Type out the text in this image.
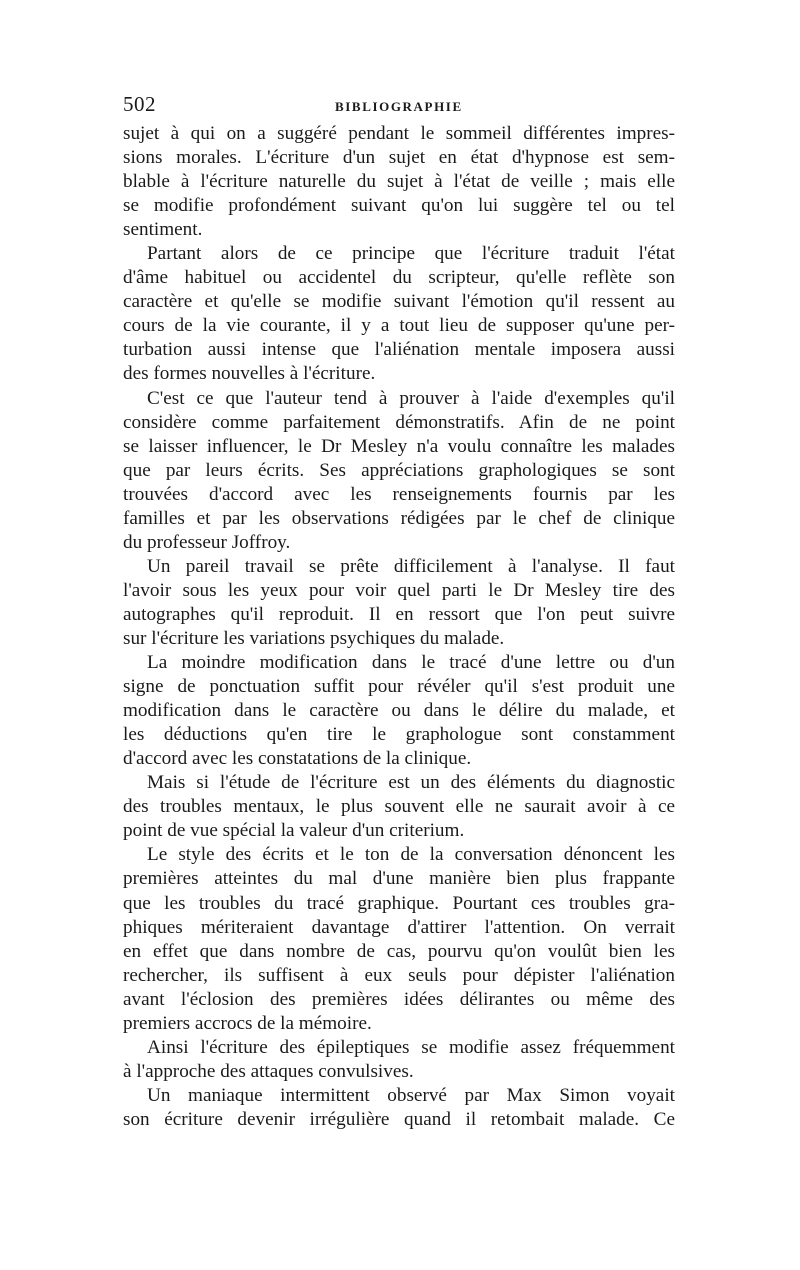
502	BIBLIOGRAPHIE
sujet à qui on a suggéré pendant le sommeil différentes impres-
sions morales. L'écriture d'un sujet en état d'hypnose est sem-
blable à l'écriture naturelle du sujet à l'état de veille ; mais elle
se modifie profondément suivant qu'on lui suggère tel ou tel
sentiment.
Partant alors de ce principe que l'écriture traduit l'état
d'âme habituel ou accidentel du scripteur, qu'elle reflète son
caractère et qu'elle se modifie suivant l'émotion qu'il ressent au
cours de la vie courante, il y a tout lieu de supposer qu'une per-
turbation aussi intense que l'aliénation mentale imposera aussi
des formes nouvelles à l'écriture.
C'est ce que l'auteur tend à prouver à l'aide d'exemples qu'il
considère comme parfaitement démonstratifs. Afin de ne point
se laisser influencer, le Dr Mesley n'a voulu connaître les malades
que par leurs écrits. Ses appréciations graphologiques se sont
trouvées d'accord avec les renseignements fournis par les
familles et par les observations rédigées par le chef de clinique
du professeur Joffroy.
Un pareil travail se prête difficilement à l'analyse. Il faut
l'avoir sous les yeux pour voir quel parti le Dr Mesley tire des
autographes qu'il reproduit. Il en ressort que l'on peut suivre
sur l'écriture les variations psychiques du malade.
La moindre modification dans le tracé d'une lettre ou d'un
signe de ponctuation suffit pour révéler qu'il s'est produit une
modification dans le caractère ou dans le délire du malade, et
les déductions qu'en tire le graphologue sont constamment
d'accord avec les constatations de la clinique.
Mais si l'étude de l'écriture est un des éléments du diagnostic
des troubles mentaux, le plus souvent elle ne saurait avoir à ce
point de vue spécial la valeur d'un criterium.
Le style des écrits et le ton de la conversation dénoncent les
premières atteintes du mal d'une manière bien plus frappante
que les troubles du tracé graphique. Pourtant ces troubles gra-
phiques mériteraient davantage d'attirer l'attention. On verrait
en effet que dans nombre de cas, pourvu qu'on voulût bien les
rechercher, ils suffisent à eux seuls pour dépister l'aliénation
avant l'éclosion des premières idées délirantes ou même des
premiers accrocs de la mémoire.
Ainsi l'écriture des épileptiques se modifie assez fréquemment
à l'approche des attaques convulsives.
Un maniaque intermittent observé par Max Simon voyait
son écriture devenir irrégulière quand il retombait malade. Ce
